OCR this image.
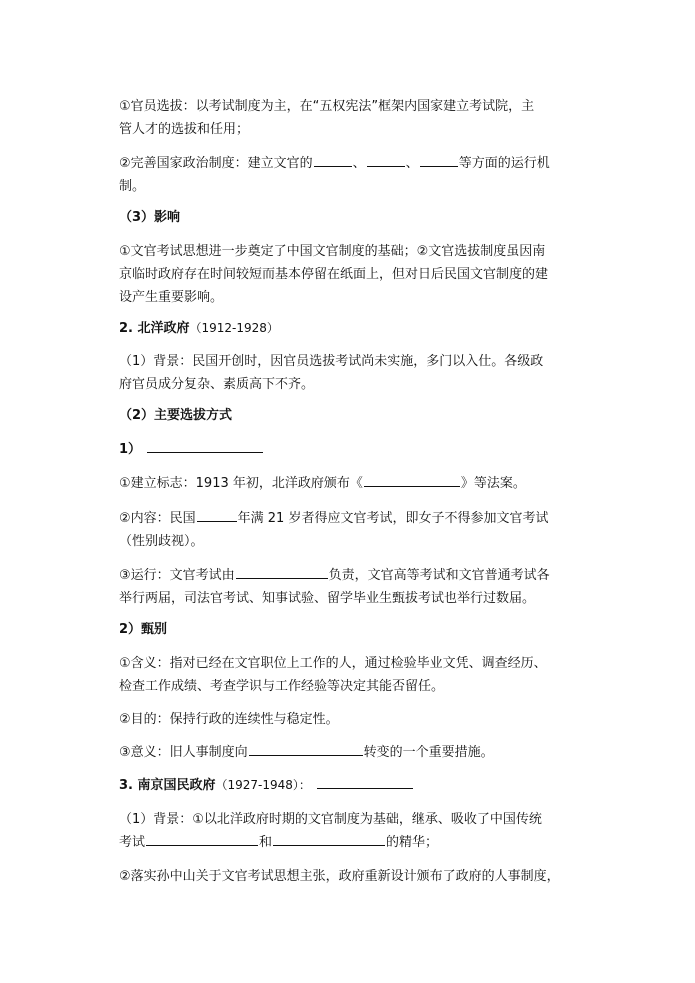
①官员选拔：以考试制度为主，在“五权宪法”框架内国家建立考试院，主
管人才的选拔和任用；
②完善国家政治制度：建立文官的	、	、	等方面的运行机
制。
（3）影响
①文官考试思想进一步奠定了中国文官制度的基础；②文官选拔制度虽因南
京临时政府存在时间较短而基本停留在纸面上，但对日后民国文官制度的建
设产生重要影响。
2. 北洋政府（1912-1928）
（1）背景：民国开创时，因官员选拔考试尚未实施，多门以入仕。各级政
府官员成分复杂、素质高下不齐。
（2）主要选拔方式
1）
①建立标志：1913 年初，北洋政府颁布《	》等法案。
②内容：民国	年满 21 岁者得应文官考试，即女子不得参加文官考试
（性别歧视）。
③运行：文官考试由	负责，文官高等考试和文官普通考试各
举行两届，司法官考试、知事试验、留学毕业生甄拔考试也举行过数届。
2）甄别
①含义：指对已经在文官职位上工作的人，通过检验毕业文凭、调查经历、
检查工作成绩、考查学识与工作经验等决定其能否留任。
②目的：保持行政的连续性与稳定性。
③意义：旧人事制度向	转变的一个重要措施。
3. 南京国民政府（1927-1948）：
（1）背景：①以北洋政府时期的文官制度为基础，继承、吸收了中国传统
考试	和	的精华；
②落实孙中山关于文官考试思想主张，政府重新设计颁布了政府的人事制度，
